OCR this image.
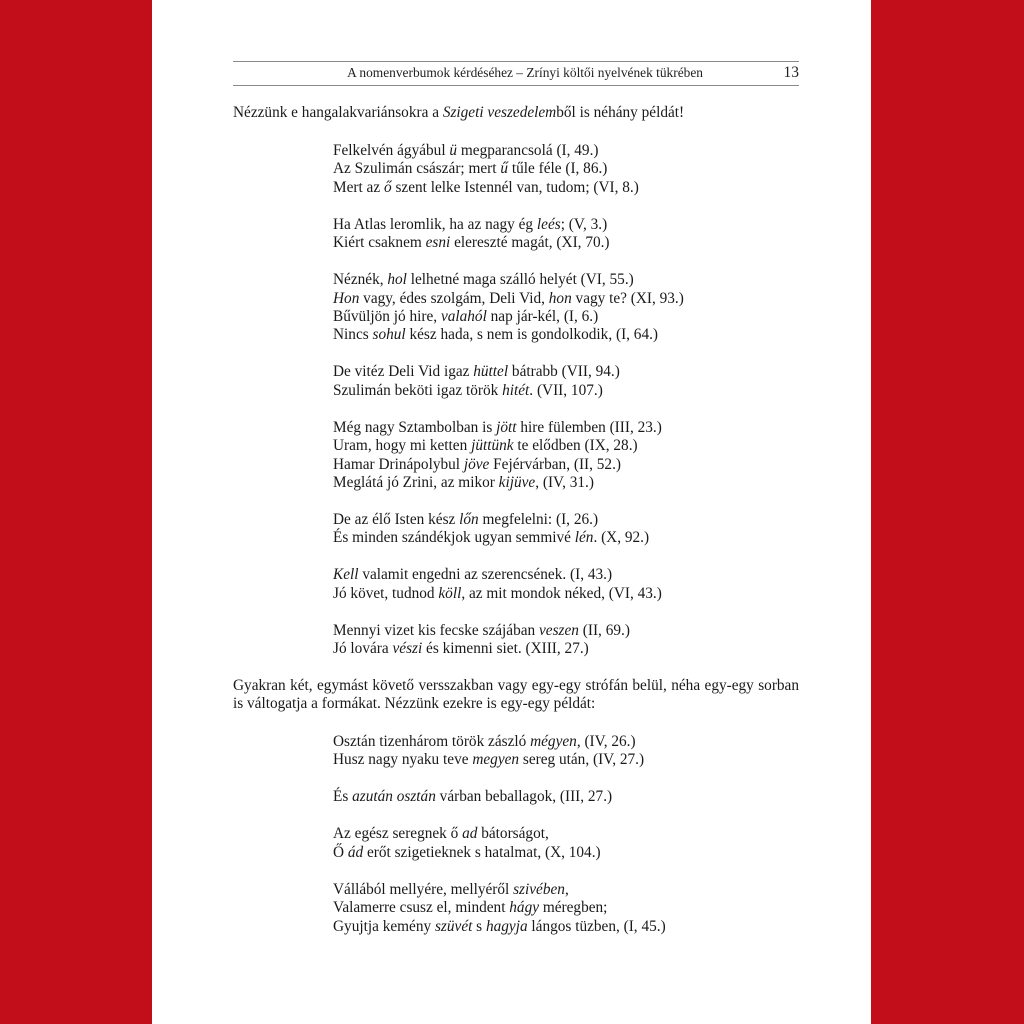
A nomenverbumok kérdéséhez – Zrínyi költői nyelvének tükrében	13
Nézzünk e hangalakvariánsokra a Szigeti veszedelemből is néhány példát!
Felkelvén ágyábul ü megparancsolá (I, 49.)
Az Szulimán császár; mert ű tűle féle (I, 86.)
Mert az ő szent lelke Istennél van, tudom; (VI, 8.)
Ha Atlas leromlik, ha az nagy ég leés; (V, 3.)
Kiért csaknem esni elereszté magát, (XI, 70.)
Néznék, hol lelhetné maga szálló helyét (VI, 55.)
Hon vagy, édes szolgám, Deli Vid, hon vagy te? (XI, 93.)
Bűvüljön jó hire, valahól nap jár-kél, (I, 6.)
Nincs sohul kész hada, s nem is gondolkodik, (I, 64.)
De vitéz Deli Vid igaz hüttel bátrabb (VII, 94.)
Szulimán beköti igaz török hitét. (VII, 107.)
Még nagy Sztambolban is jött hire fülemben (III, 23.)
Uram, hogy mi ketten jüttünk te elődben (IX, 28.)
Hamar Drinápolybul jöve Fejérvárban, (II, 52.)
Meglátá jó Zrini, az mikor kijüve, (IV, 31.)
De az élő Isten kész lőn megfelelni: (I, 26.)
És minden szándékjok ugyan semmivé lén. (X, 92.)
Kell valamit engedni az szerencsének. (I, 43.)
Jó követ, tudnod köll, az mit mondok néked, (VI, 43.)
Mennyi vizet kis fecske szájában veszen (II, 69.)
Jó lovára vészi és kimenni siet. (XIII, 27.)
Gyakran két, egymást követő versszakban vagy egy-egy strófán belül, néha egy-egy sorban is váltogatja a formákat. Nézzünk ezekre is egy-egy példát:
Osztán tizenhárom török zászló mégyen, (IV, 26.)
Husz nagy nyaku teve megyen sereg után, (IV, 27.)
És azután osztán várban beballagok, (III, 27.)
Az egész seregnek ő ad bátorságot,
Ő ád erőt szigetieknek s hatalmat, (X, 104.)
Vállából mellyére, mellyéről szivében,
Valamerre csusz el, mindent hágy méregben;
Gyujtja kemény szüvét s hagyja lángos tüzben, (I, 45.)
